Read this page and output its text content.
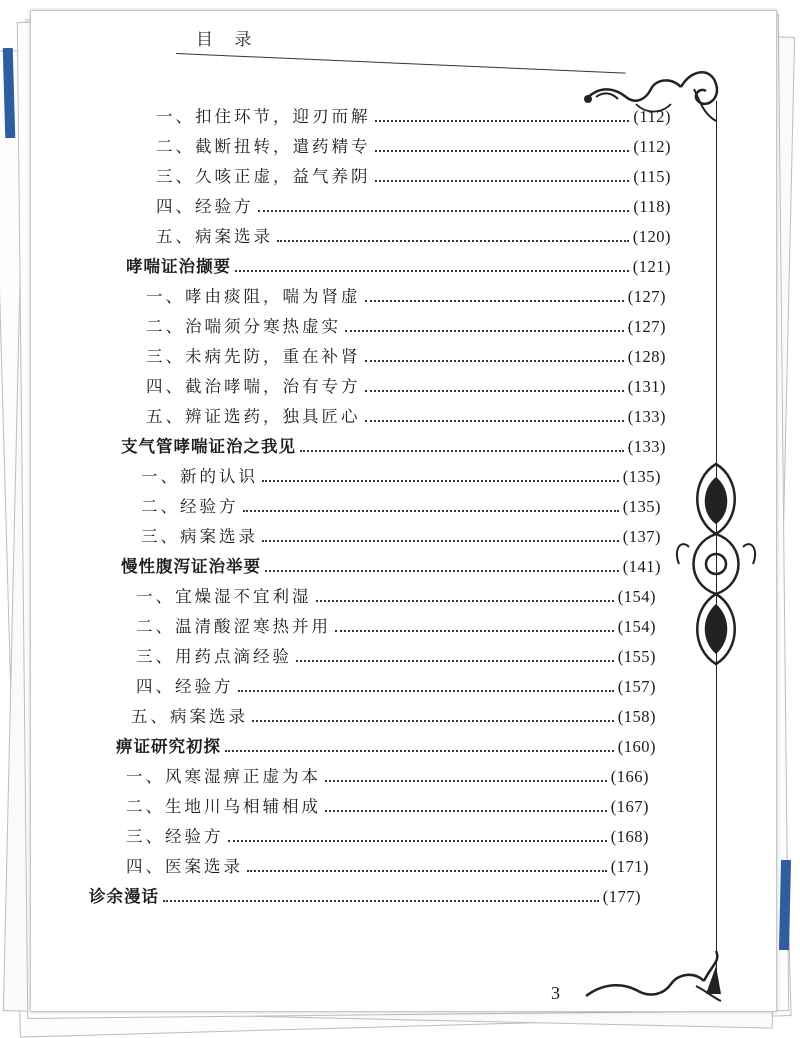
目 录
一、扣住环节，迎刃而解	(112)
二、截断扭转，遣药精专	(112)
三、久咳正虚，益气养阴	(115)
四、经验方	(118)
五、病案选录	(120)
哮喘证治撷要	(121)
一、哮由痰阻，喘为肾虚	(127)
二、治喘须分寒热虚实	(127)
三、未病先防，重在补肾	(128)
四、截治哮喘，治有专方	(131)
五、辨证选药，独具匠心	(133)
支气管哮喘证治之我见	(133)
一、新的认识	(135)
二、经验方	(135)
三、病案选录	(137)
慢性腹泻证治举要	(141)
一、宜燥湿不宜利湿	(154)
二、温清酸涩寒热并用	(154)
三、用药点滴经验	(155)
四、经验方	(157)
五、病案选录	(158)
痹证研究初探	(160)
一、风寒湿痹正虚为本	(166)
二、生地川乌相辅相成	(167)
三、经验方	(168)
四、医案选录	(171)
诊余漫话	(177)
3
